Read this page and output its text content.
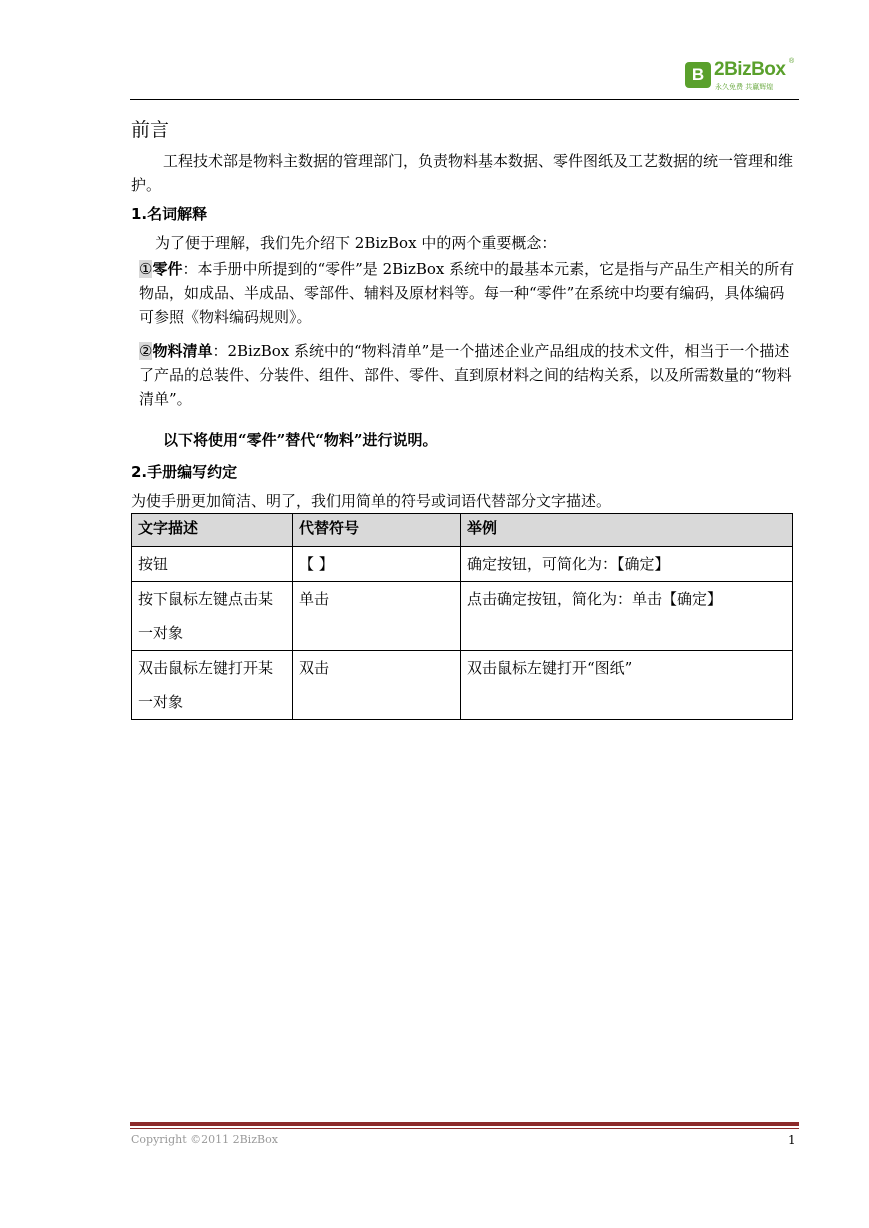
B 2BizBox ®
永久免费 共赢辉煌
前言

工程技术部是物料主数据的管理部门，负责物料基本数据、零件图纸及工艺数据的统一管理和维护。

1.名词解释

为了便于理解，我们先介绍下 2BizBox 中的两个重要概念：

①零件：本手册中所提到的“零件”是 2BizBox 系统中的最基本元素，它是指与产品生产相关的所有物品，如成品、半成品、零部件、辅料及原材料等。每一种“零件”在系统中均要有编码，具体编码可参照《物料编码规则》。

②物料清单：2BizBox 系统中的“物料清单”是一个描述企业产品组成的技术文件，相当于一个描述了产品的总装件、分装件、组件、部件、零件、直到原材料之间的结构关系，以及所需数量的“物料清单”。

以下将使用“零件”替代“物料”进行说明。
2.手册编写约定

为使手册更加简洁、明了，我们用简单的符号或词语代替部分文字描述。

文字描述	代替符号	举例
按钮	【 】	确定按钮，可简化为：【确定】
按下鼠标左键点击某一对象	单击	点击确定按钮，简化为：单击【确定】
双击鼠标左键打开某一对象	双击	双击鼠标左键打开“图纸”
Copyright ©2011 2BizBox	1
